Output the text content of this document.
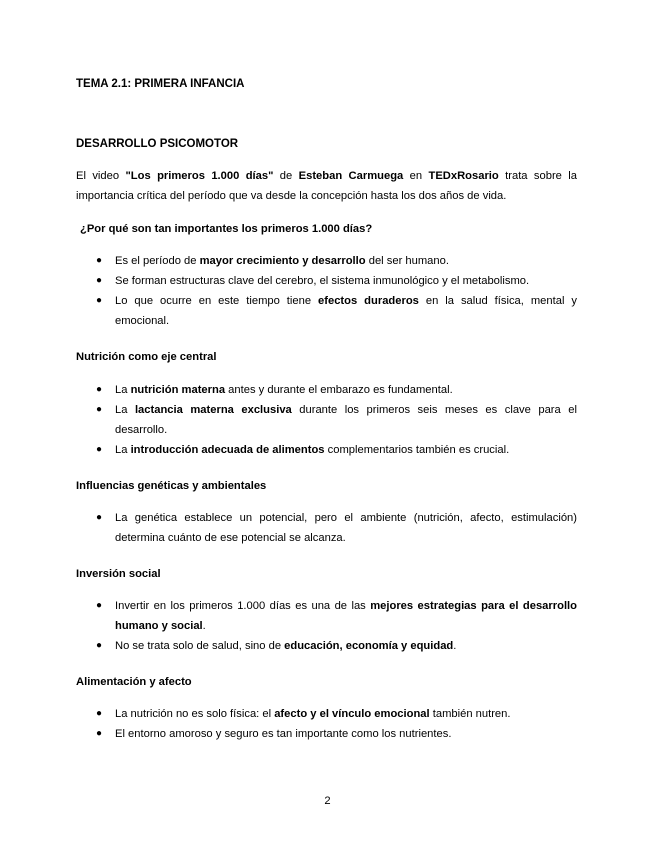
TEMA 2.1: PRIMERA INFANCIA
DESARROLLO PSICOMOTOR

El video "Los primeros 1.000 días" de Esteban Carmuega en TEDxRosario trata sobre la importancia crítica del período que va desde la concepción hasta los dos años de vida.

¿Por qué son tan importantes los primeros 1.000 días?
● Es el período de mayor crecimiento y desarrollo del ser humano.
● Se forman estructuras clave del cerebro, el sistema inmunológico y el metabolismo.
● Lo que ocurre en este tiempo tiene efectos duraderos en la salud física, mental y emocional.
Nutrición como eje central
● La nutrición materna antes y durante el embarazo es fundamental.
● La lactancia materna exclusiva durante los primeros seis meses es clave para el desarrollo.
● La introducción adecuada de alimentos complementarios también es crucial.
Influencias genéticas y ambientales
● La genética establece un potencial, pero el ambiente (nutrición, afecto, estimulación) determina cuánto de ese potencial se alcanza.
Inversión social
● Invertir en los primeros 1.000 días es una de las mejores estrategias para el desarrollo humano y social.
● No se trata solo de salud, sino de educación, economía y equidad.
Alimentación y afecto
● La nutrición no es solo física: el afecto y el vínculo emocional también nutren.
● El entorno amoroso y seguro es tan importante como los nutrientes.
2
